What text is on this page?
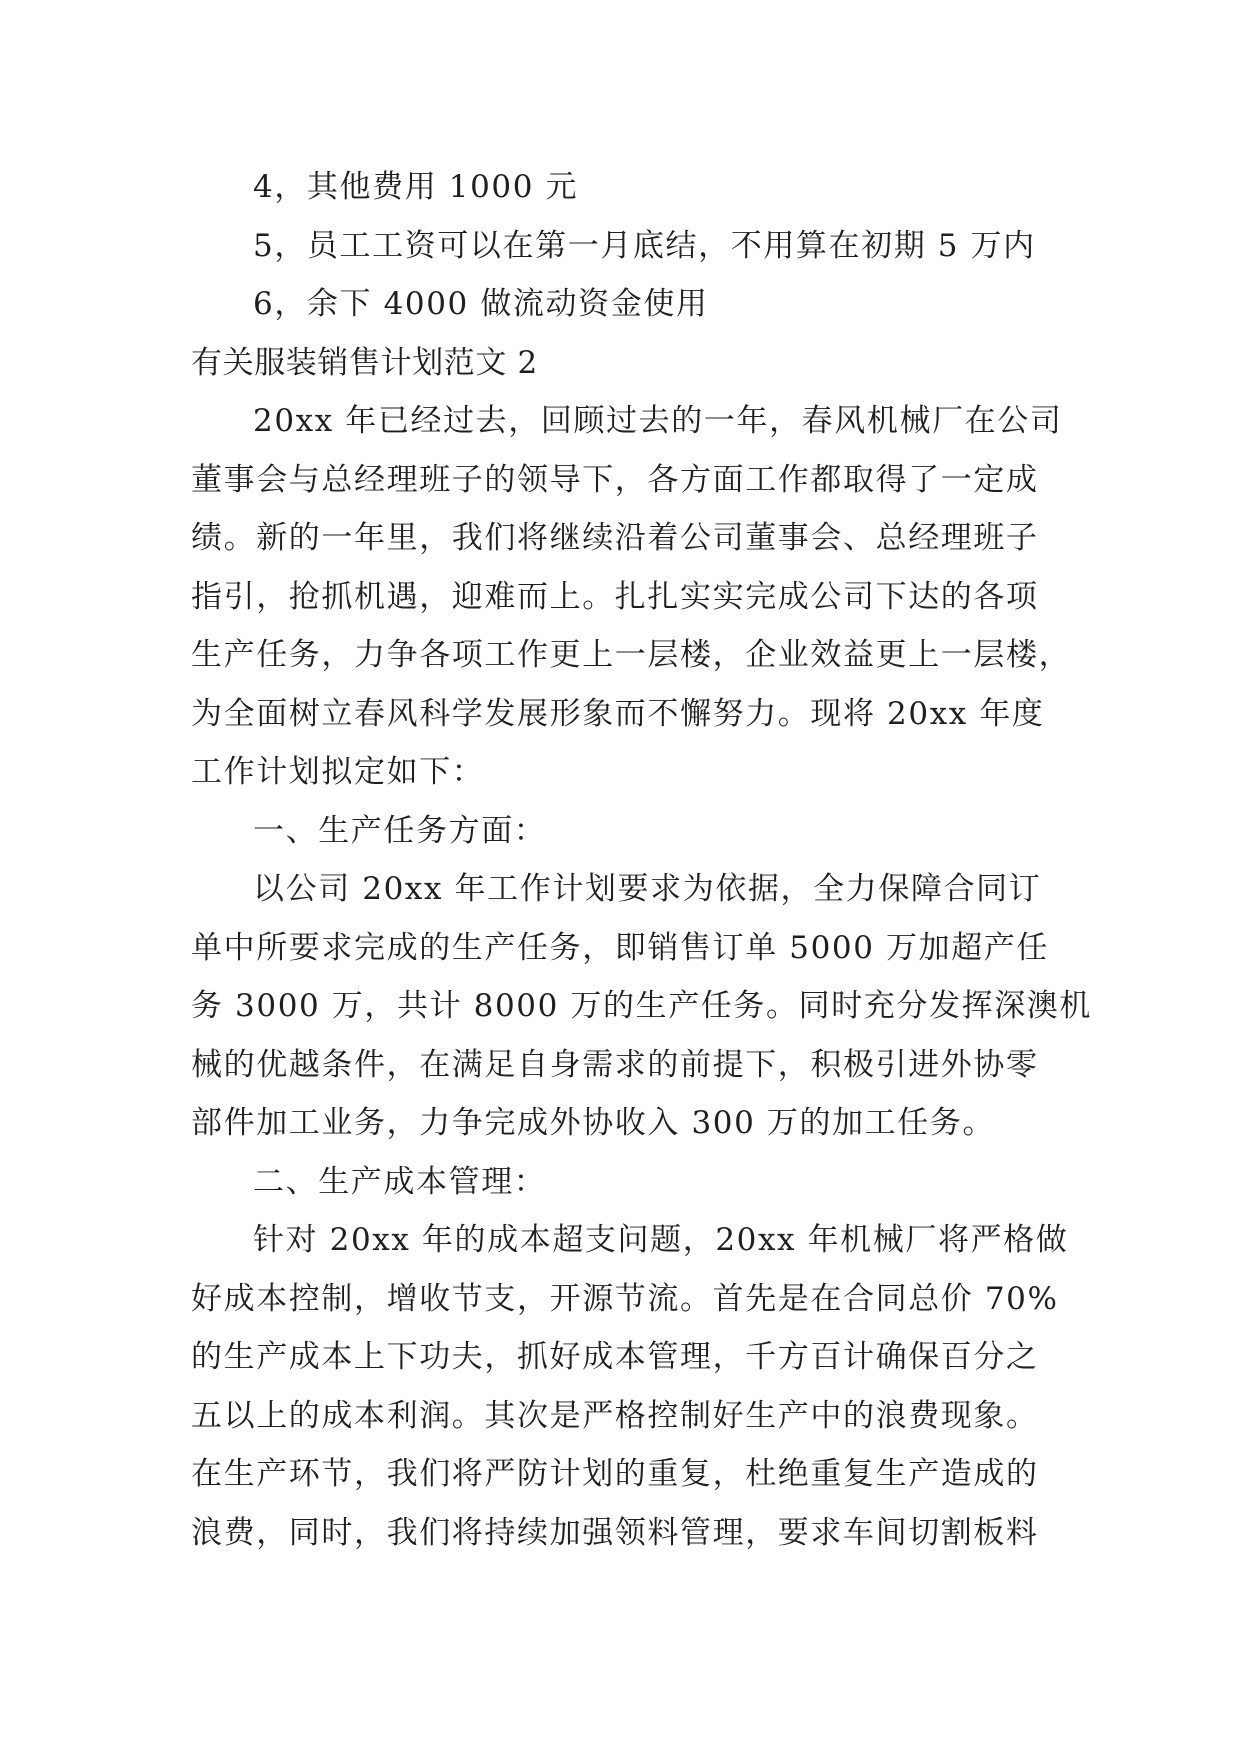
4，其他费用 1000 元
5，员工工资可以在第一月底结，不用算在初期 5 万内
6，余下 4000 做流动资金使用
有关服装销售计划范文 2
20xx 年已经过去，回顾过去的一年，春风机械厂在公司
董事会与总经理班子的领导下，各方面工作都取得了一定成
绩。新的一年里，我们将继续沿着公司董事会、总经理班子
指引，抢抓机遇，迎难而上。扎扎实实完成公司下达的各项
生产任务，力争各项工作更上一层楼，企业效益更上一层楼，
为全面树立春风科学发展形象而不懈努力。现将 20xx 年度
工作计划拟定如下：
一、生产任务方面：
以公司 20xx 年工作计划要求为依据，全力保障合同订
单中所要求完成的生产任务，即销售订单 5000 万加超产任
务 3000 万，共计 8000 万的生产任务。同时充分发挥深澳机
械的优越条件，在满足自身需求的前提下，积极引进外协零
部件加工业务，力争完成外协收入 300 万的加工任务。
二、生产成本管理：
针对 20xx 年的成本超支问题，20xx 年机械厂将严格做
好成本控制，增收节支，开源节流。首先是在合同总价 70%
的生产成本上下功夫，抓好成本管理，千方百计确保百分之
五以上的成本利润。其次是严格控制好生产中的浪费现象。
在生产环节，我们将严防计划的重复，杜绝重复生产造成的
浪费，同时，我们将持续加强领料管理，要求车间切割板料
